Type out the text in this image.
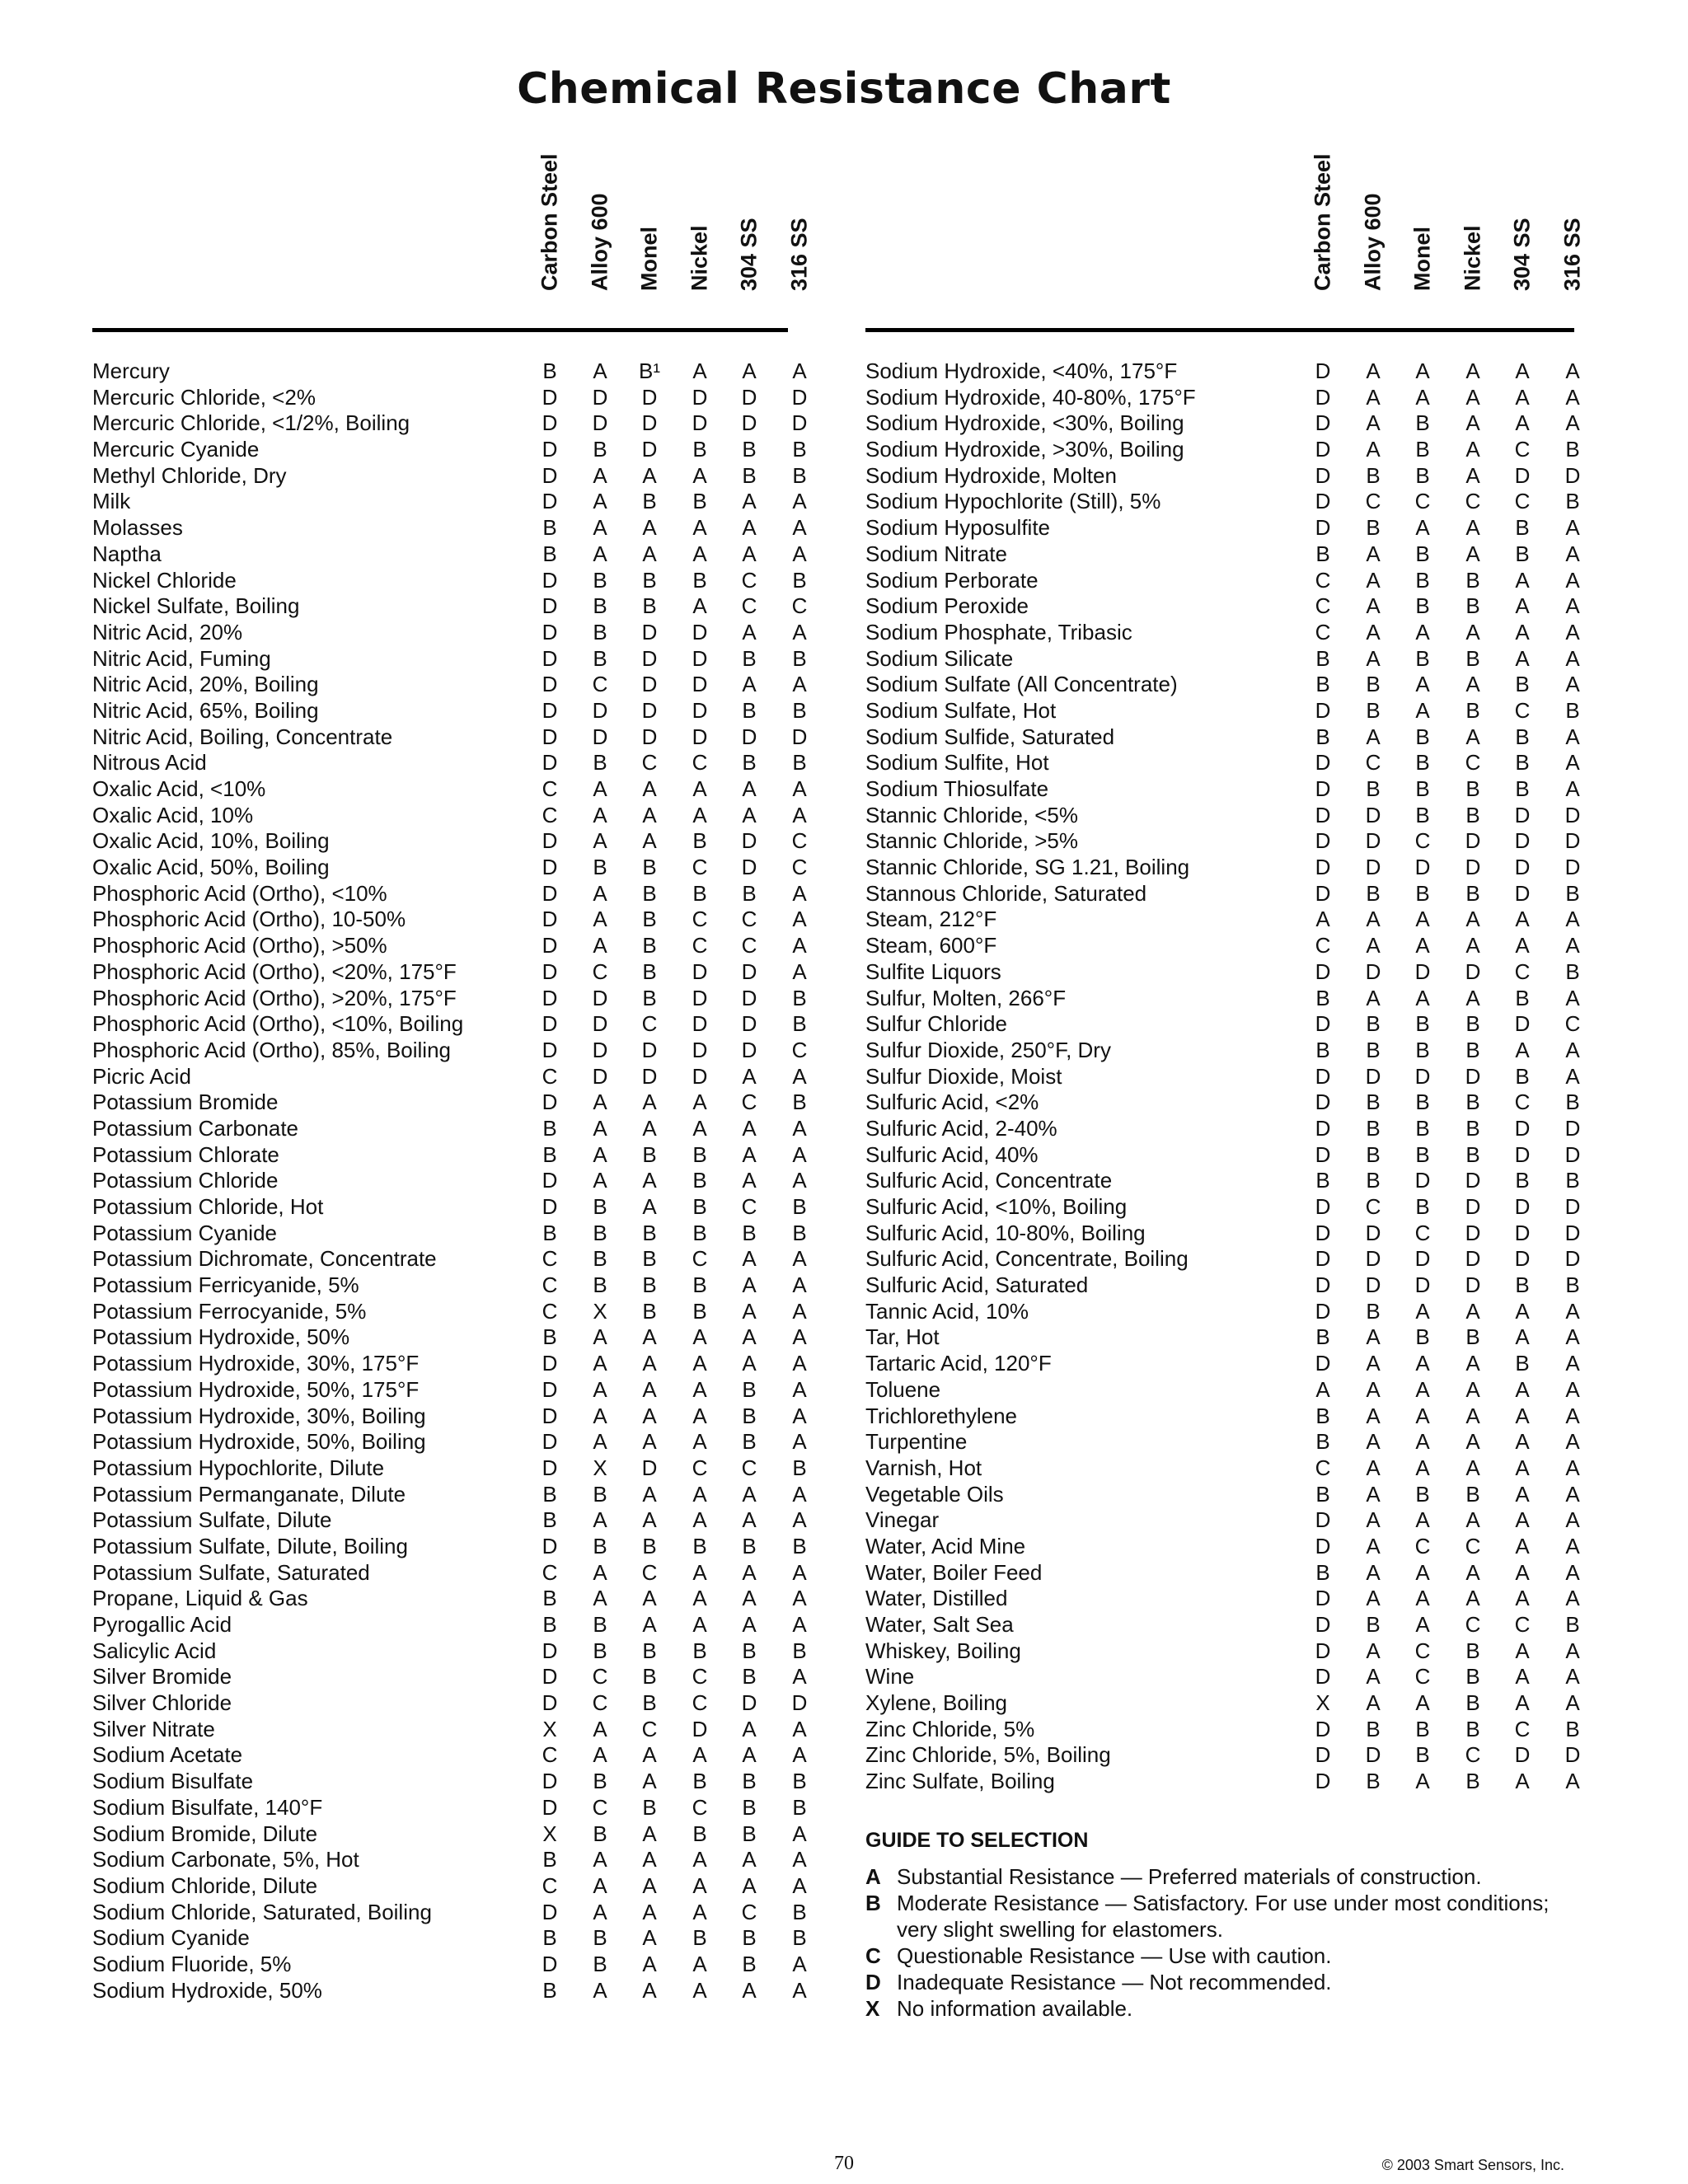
Chemical Resistance Chart
Carbon Steel Alloy 600 Monel Nickel 304 SS 316 SS
Mercury	B	A	B¹	A	A	A
Mercuric Chloride, <2%	D	D	D	D	D	D
Mercuric Chloride, <1/2%, Boiling	D	D	D	D	D	D
Mercuric Cyanide	D	B	D	B	B	B
Methyl Chloride, Dry	D	A	A	A	B	B
Milk	D	A	B	B	A	A
Molasses	B	A	A	A	A	A
Naptha	B	A	A	A	A	A
Nickel Chloride	D	B	B	B	C	B
Nickel Sulfate, Boiling	D	B	B	A	C	C
Nitric Acid, 20%	D	B	D	D	A	A
Nitric Acid, Fuming	D	B	D	D	B	B
Nitric Acid, 20%, Boiling	D	C	D	D	A	A
Nitric Acid, 65%, Boiling	D	D	D	D	B	B
Nitric Acid, Boiling, Concentrate	D	D	D	D	D	D
Nitrous Acid	D	B	C	C	B	B
Oxalic Acid, <10%	C	A	A	A	A	A
Oxalic Acid, 10%	C	A	A	A	A	A
Oxalic Acid, 10%, Boiling	D	A	A	B	D	C
Oxalic Acid, 50%, Boiling	D	B	B	C	D	C
Phosphoric Acid (Ortho), <10%	D	A	B	B	B	A
Phosphoric Acid (Ortho), 10-50%	D	A	B	C	C	A
Phosphoric Acid (Ortho), >50%	D	A	B	C	C	A
Phosphoric Acid (Ortho), <20%, 175°F	D	C	B	D	D	A
Phosphoric Acid (Ortho), >20%, 175°F	D	D	B	D	D	B
Phosphoric Acid (Ortho), <10%, Boiling	D	D	C	D	D	B
Phosphoric Acid (Ortho), 85%, Boiling	D	D	D	D	D	C
Picric Acid	C	D	D	D	A	A
Potassium Bromide	D	A	A	A	C	B
Potassium Carbonate	B	A	A	A	A	A
Potassium Chlorate	B	A	B	B	A	A
Potassium Chloride	D	A	A	B	A	A
Potassium Chloride, Hot	D	B	A	B	C	B
Potassium Cyanide	B	B	B	B	B	B
Potassium Dichromate, Concentrate	C	B	B	C	A	A
Potassium Ferricyanide, 5%	C	B	B	B	A	A
Potassium Ferrocyanide, 5%	C	X	B	B	A	A
Potassium Hydroxide, 50%	B	A	A	A	A	A
Potassium Hydroxide, 30%, 175°F	D	A	A	A	A	A
Potassium Hydroxide, 50%, 175°F	D	A	A	A	B	A
Potassium Hydroxide, 30%, Boiling	D	A	A	A	B	A
Potassium Hydroxide, 50%, Boiling	D	A	A	A	B	A
Potassium Hypochlorite, Dilute	D	X	D	C	C	B
Potassium Permanganate, Dilute	B	B	A	A	A	A
Potassium Sulfate, Dilute	B	A	A	A	A	A
Potassium Sulfate, Dilute, Boiling	D	B	B	B	B	B
Potassium Sulfate, Saturated	C	A	C	A	A	A
Propane, Liquid & Gas	B	A	A	A	A	A
Pyrogallic Acid	B	B	A	A	A	A
Salicylic Acid	D	B	B	B	B	B
Silver Bromide	D	C	B	C	B	A
Silver Chloride	D	C	B	C	D	D
Silver Nitrate	X	A	C	D	A	A
Sodium Acetate	C	A	A	A	A	A
Sodium Bisulfate	D	B	A	B	B	B
Sodium Bisulfate, 140°F	D	C	B	C	B	B
Sodium Bromide, Dilute	X	B	A	B	B	A
Sodium Carbonate, 5%, Hot	B	A	A	A	A	A
Sodium Chloride, Dilute	C	A	A	A	A	A
Sodium Chloride, Saturated, Boiling	D	A	A	A	C	B
Sodium Cyanide	B	B	A	B	B	B
Sodium Fluoride, 5%	D	B	A	A	B	A
Sodium Hydroxide, 50%	B	A	A	A	A	A
Carbon Steel Alloy 600 Monel Nickel 304 SS 316 SS
Sodium Hydroxide, <40%, 175°F	D	A	A	A	A	A
Sodium Hydroxide, 40-80%, 175°F	D	A	A	A	A	A
Sodium Hydroxide, <30%, Boiling	D	A	B	A	A	A
Sodium Hydroxide, >30%, Boiling	D	A	B	A	C	B
Sodium Hydroxide, Molten	D	B	B	A	D	D
Sodium Hypochlorite (Still), 5%	D	C	C	C	C	B
Sodium Hyposulfite	D	B	A	A	B	A
Sodium Nitrate	B	A	B	A	B	A
Sodium Perborate	C	A	B	B	A	A
Sodium Peroxide	C	A	B	B	A	A
Sodium Phosphate, Tribasic	C	A	A	A	A	A
Sodium Silicate	B	A	B	B	A	A
Sodium Sulfate (All Concentrate)	B	B	A	A	B	A
Sodium Sulfate, Hot	D	B	A	B	C	B
Sodium Sulfide, Saturated	B	A	B	A	B	A
Sodium Sulfite, Hot	D	C	B	C	B	A
Sodium Thiosulfate	D	B	B	B	B	A
Stannic Chloride, <5%	D	D	B	B	D	D
Stannic Chloride, >5%	D	D	C	D	D	D
Stannic Chloride, SG 1.21, Boiling	D	D	D	D	D	D
Stannous Chloride, Saturated	D	B	B	B	D	B
Steam, 212°F	A	A	A	A	A	A
Steam, 600°F	C	A	A	A	A	A
Sulfite Liquors	D	D	D	D	C	B
Sulfur, Molten, 266°F	B	A	A	A	B	A
Sulfur Chloride	D	B	B	B	D	C
Sulfur Dioxide, 250°F, Dry	B	B	B	B	A	A
Sulfur Dioxide, Moist	D	D	D	D	B	A
Sulfuric Acid, <2%	D	B	B	B	C	B
Sulfuric Acid, 2-40%	D	B	B	B	D	D
Sulfuric Acid, 40%	D	B	B	B	D	D
Sulfuric Acid, Concentrate	B	B	D	D	B	B
Sulfuric Acid, <10%, Boiling	D	C	B	D	D	D
Sulfuric Acid, 10-80%, Boiling	D	D	C	D	D	D
Sulfuric Acid, Concentrate, Boiling	D	D	D	D	D	D
Sulfuric Acid, Saturated	D	D	D	D	B	B
Tannic Acid, 10%	D	B	A	A	A	A
Tar, Hot	B	A	B	B	A	A
Tartaric Acid, 120°F	D	A	A	A	B	A
Toluene	A	A	A	A	A	A
Trichlorethylene	B	A	A	A	A	A
Turpentine	B	A	A	A	A	A
Varnish, Hot	C	A	A	A	A	A
Vegetable Oils	B	A	B	B	A	A
Vinegar	D	A	A	A	A	A
Water, Acid Mine	D	A	C	C	A	A
Water, Boiler Feed	B	A	A	A	A	A
Water, Distilled	D	A	A	A	A	A
Water, Salt Sea	D	B	A	C	C	B
Whiskey, Boiling	D	A	C	B	A	A
Wine	D	A	C	B	A	A
Xylene, Boiling	X	A	A	B	A	A
Zinc Chloride, 5%	D	B	B	B	C	B
Zinc Chloride, 5%, Boiling	D	D	B	C	D	D
Zinc Sulfate, Boiling	D	B	A	B	A	A
GUIDE TO SELECTION
A Substantial Resistance — Preferred materials of construction.
B Moderate Resistance — Satisfactory. For use under most conditions; very slight swelling for elastomers.
C Questionable Resistance — Use with caution.
D Inadequate Resistance — Not recommended.
X No information available.
70	© 2003 Smart Sensors, Inc.
